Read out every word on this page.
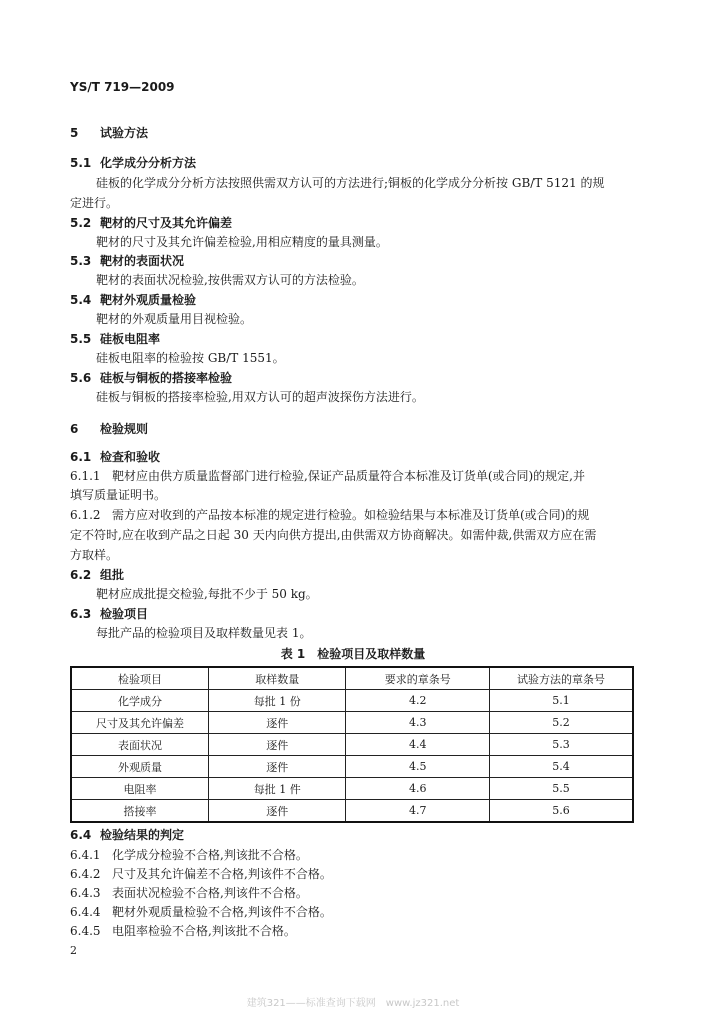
YS/T 719—2009
5 试验方法
5.1 化学成分分析方法
硅板的化学成分分析方法按照供需双方认可的方法进行;铜板的化学成分分析按 GB/T 5121 的规
定进行。
5.2 靶材的尺寸及其允许偏差
靶材的尺寸及其允许偏差检验,用相应精度的量具测量。
5.3 靶材的表面状况
靶材的表面状况检验,按供需双方认可的方法检验。
5.4 靶材外观质量检验
靶材的外观质量用目视检验。
5.5 硅板电阻率
硅板电阻率的检验按 GB/T 1551。
5.6 硅板与铜板的搭接率检验
硅板与铜板的搭接率检验,用双方认可的超声波探伤方法进行。
6 检验规则
6.1 检查和验收
6.1.1 靶材应由供方质量监督部门进行检验,保证产品质量符合本标准及订货单(或合同)的规定,并
填写质量证明书。
6.1.2 需方应对收到的产品按本标准的规定进行检验。如检验结果与本标准及订货单(或合同)的规
定不符时,应在收到产品之日起 30 天内向供方提出,由供需双方协商解决。如需仲裁,供需双方应在需
方取样。
6.2 组批
靶材应成批提交检验,每批不少于 50 kg。
6.3 检验项目
每批产品的检验项目及取样数量见表 1。
表 1　检验项目及取样数量
检验项目	取样数量	要求的章条号	试验方法的章条号
化学成分	每批 1 份	4.2	5.1
尺寸及其允许偏差	逐件	4.3	5.2
表面状况	逐件	4.4	5.3
外观质量	逐件	4.5	5.4
电阻率	每批 1 件	4.6	5.5
搭接率	逐件	4.7	5.6
6.4 检验结果的判定
6.4.1 化学成分检验不合格,判该批不合格。
6.4.2 尺寸及其允许偏差不合格,判该件不合格。
6.4.3 表面状况检验不合格,判该件不合格。
6.4.4 靶材外观质量检验不合格,判该件不合格。
6.4.5 电阻率检验不合格,判该批不合格。
2
建筑321——标准查询下载网　www.jz321.net
